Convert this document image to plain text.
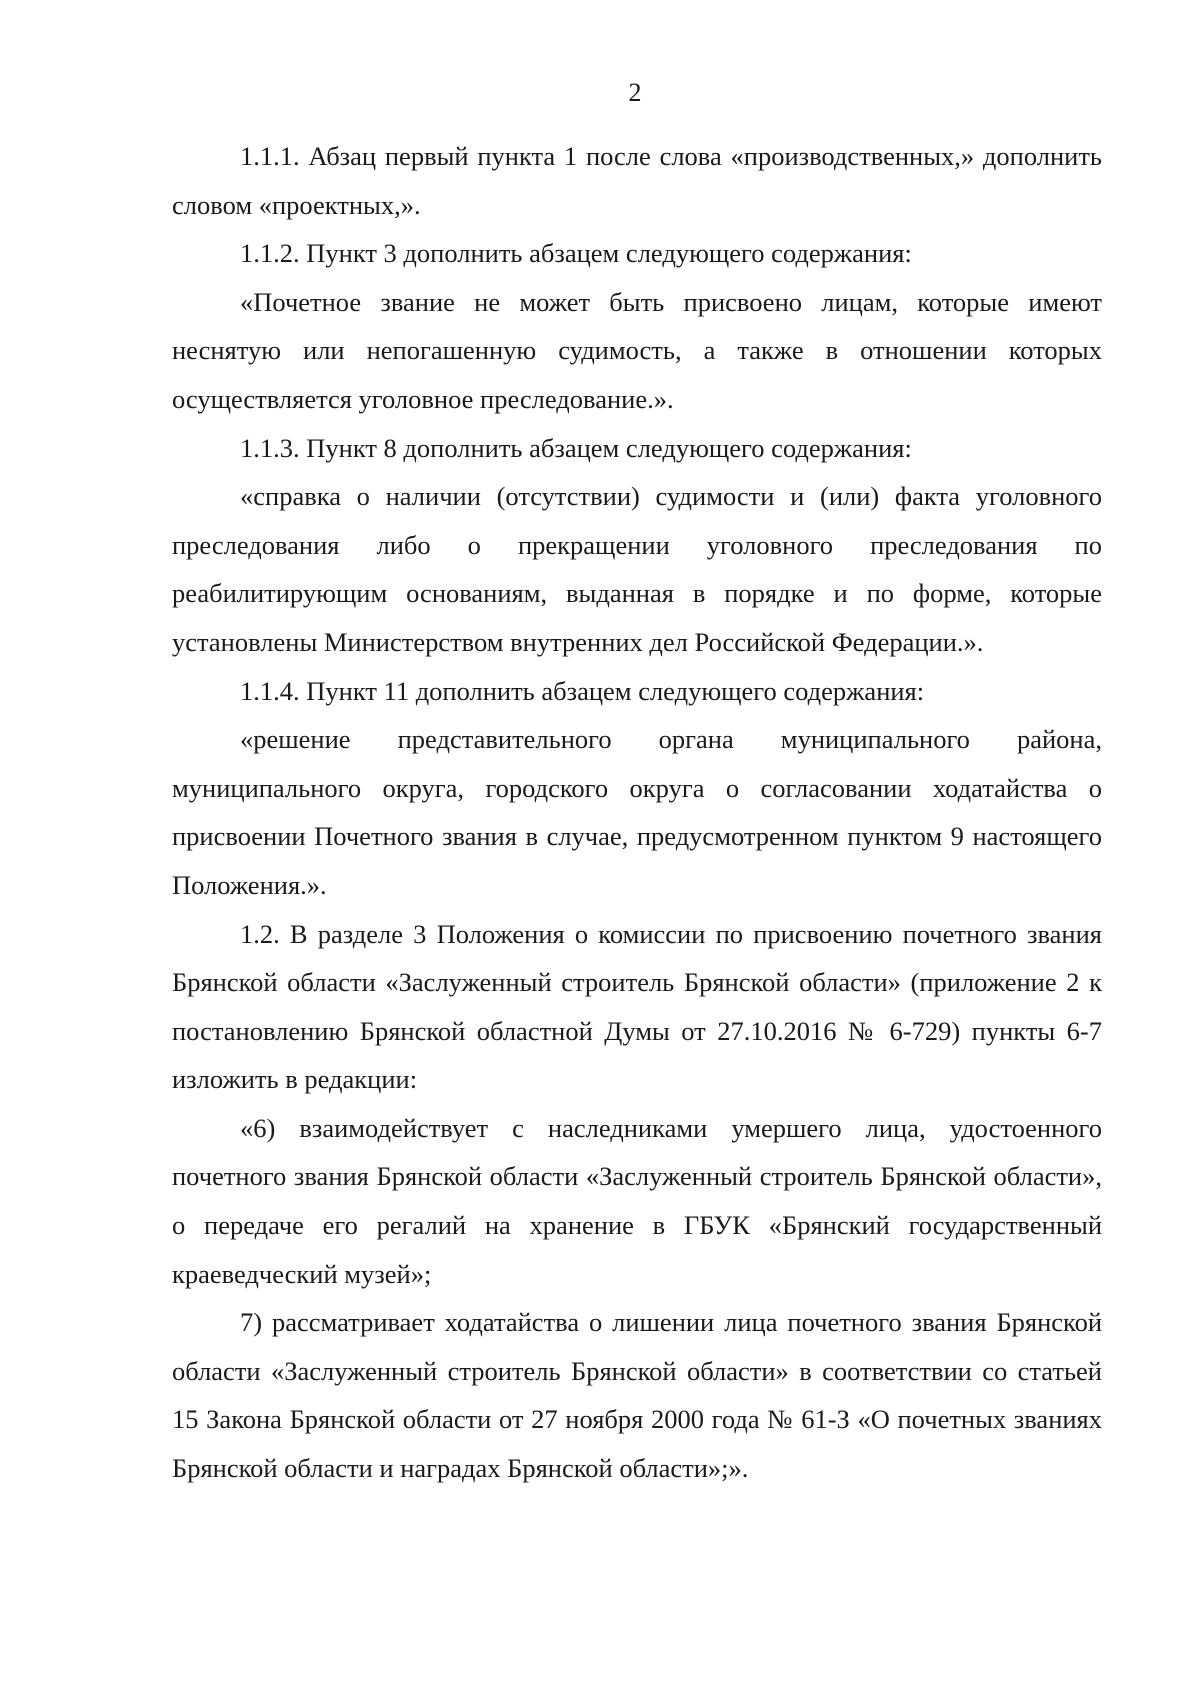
2

1.1.1. Абзац первый пункта 1 после слова «производственных,» дополнить словом «проектных,».

1.1.2. Пункт 3 дополнить абзацем следующего содержания:

«Почетное звание не может быть присвоено лицам, которые имеют неснятую или непогашенную судимость, а также в отношении которых осуществляется уголовное преследование.».

1.1.3. Пункт 8 дополнить абзацем следующего содержания:

«справка о наличии (отсутствии) судимости и (или) факта уголовного преследования либо о прекращении уголовного преследования по реабилитирующим основаниям, выданная в порядке и по форме, которые установлены Министерством внутренних дел Российской Федерации.».

1.1.4. Пункт 11 дополнить абзацем следующего содержания:

«решение представительного органа муниципального района, муниципального округа, городского округа о согласовании ходатайства о присвоении Почетного звания в случае, предусмотренном пунктом 9 настоящего Положения.».

1.2. В разделе 3 Положения о комиссии по присвоению почетного звания Брянской области «Заслуженный строитель Брянской области» (приложение 2 к постановлению Брянской областной Думы от 27.10.2016 № 6-729) пункты 6-7 изложить в редакции:

«6) взаимодействует с наследниками умершего лица, удостоенного почетного звания Брянской области «Заслуженный строитель Брянской области», о передаче его регалий на хранение в ГБУК «Брянский государственный краеведческий музей»;

7) рассматривает ходатайства о лишении лица почетного звания Брянской области «Заслуженный строитель Брянской области» в соответствии со статьей 15 Закона Брянской области от 27 ноября 2000 года № 61-З «О почетных званиях Брянской области и наградах Брянской области»;».
